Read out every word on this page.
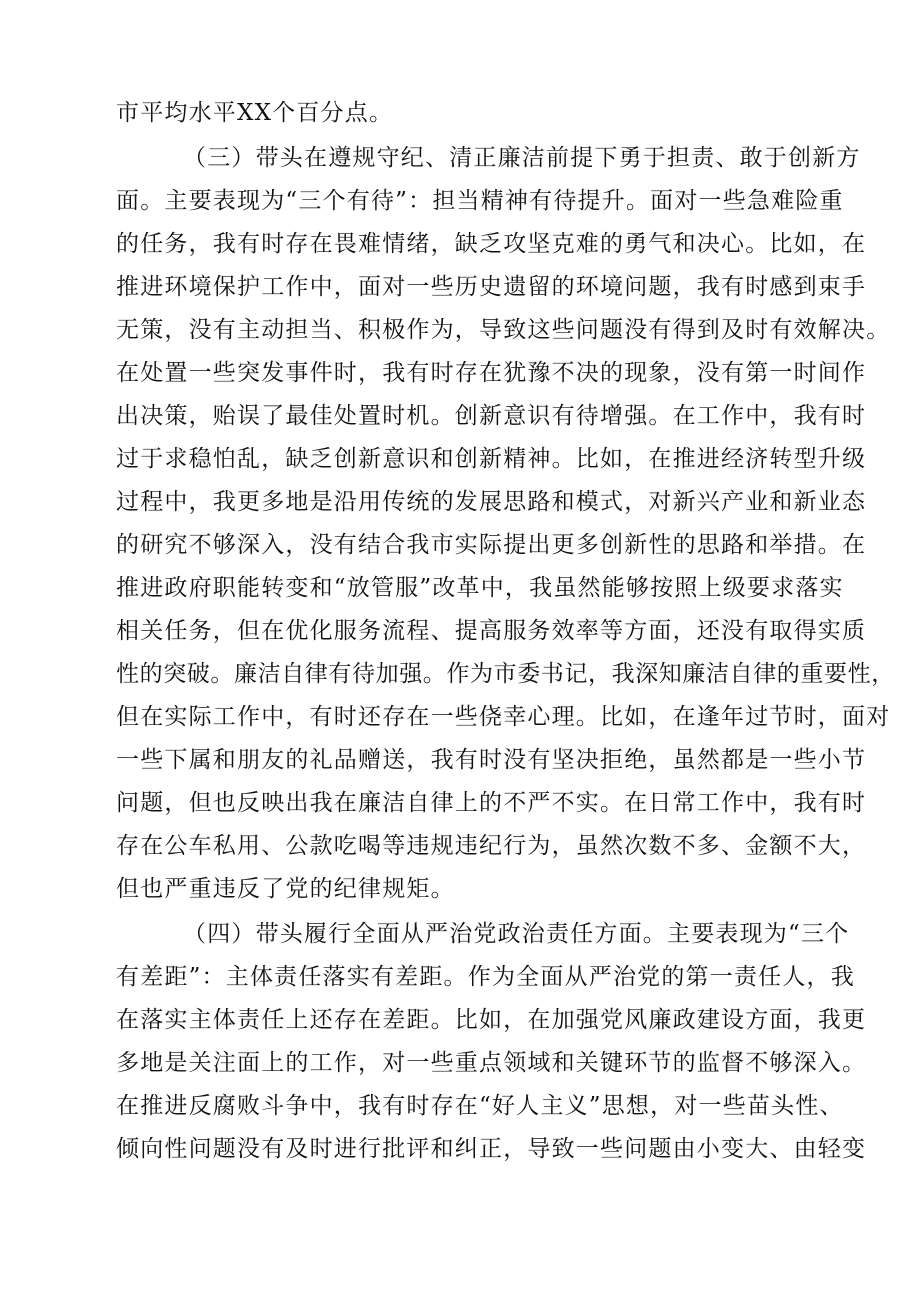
市平均水平XX个百分点。
（三）带头在遵规守纪、清正廉洁前提下勇于担责、敢于创新方
面。主要表现为“三个有待”：担当精神有待提升。面对一些急难险重
的任务，我有时存在畏难情绪，缺乏攻坚克难的勇气和决心。比如，在
推进环境保护工作中，面对一些历史遗留的环境问题，我有时感到束手
无策，没有主动担当、积极作为，导致这些问题没有得到及时有效解决。
在处置一些突发事件时，我有时存在犹豫不决的现象，没有第一时间作
出决策，贻误了最佳处置时机。创新意识有待增强。在工作中，我有时
过于求稳怕乱，缺乏创新意识和创新精神。比如，在推进经济转型升级
过程中，我更多地是沿用传统的发展思路和模式，对新兴产业和新业态
的研究不够深入，没有结合我市实际提出更多创新性的思路和举措。在
推进政府职能转变和“放管服”改革中，我虽然能够按照上级要求落实
相关任务，但在优化服务流程、提高服务效率等方面，还没有取得实质
性的突破。廉洁自律有待加强。作为市委书记，我深知廉洁自律的重要性，
但在实际工作中，有时还存在一些侥幸心理。比如，在逢年过节时，面对
一些下属和朋友的礼品赠送，我有时没有坚决拒绝，虽然都是一些小节
问题，但也反映出我在廉洁自律上的不严不实。在日常工作中，我有时
存在公车私用、公款吃喝等违规违纪行为，虽然次数不多、金额不大，
但也严重违反了党的纪律规矩。
（四）带头履行全面从严治党政治责任方面。主要表现为“三个
有差距”：主体责任落实有差距。作为全面从严治党的第一责任人，我
在落实主体责任上还存在差距。比如，在加强党风廉政建设方面，我更
多地是关注面上的工作，对一些重点领域和关键环节的监督不够深入。
在推进反腐败斗争中，我有时存在“好人主义”思想，对一些苗头性、
倾向性问题没有及时进行批评和纠正，导致一些问题由小变大、由轻变
